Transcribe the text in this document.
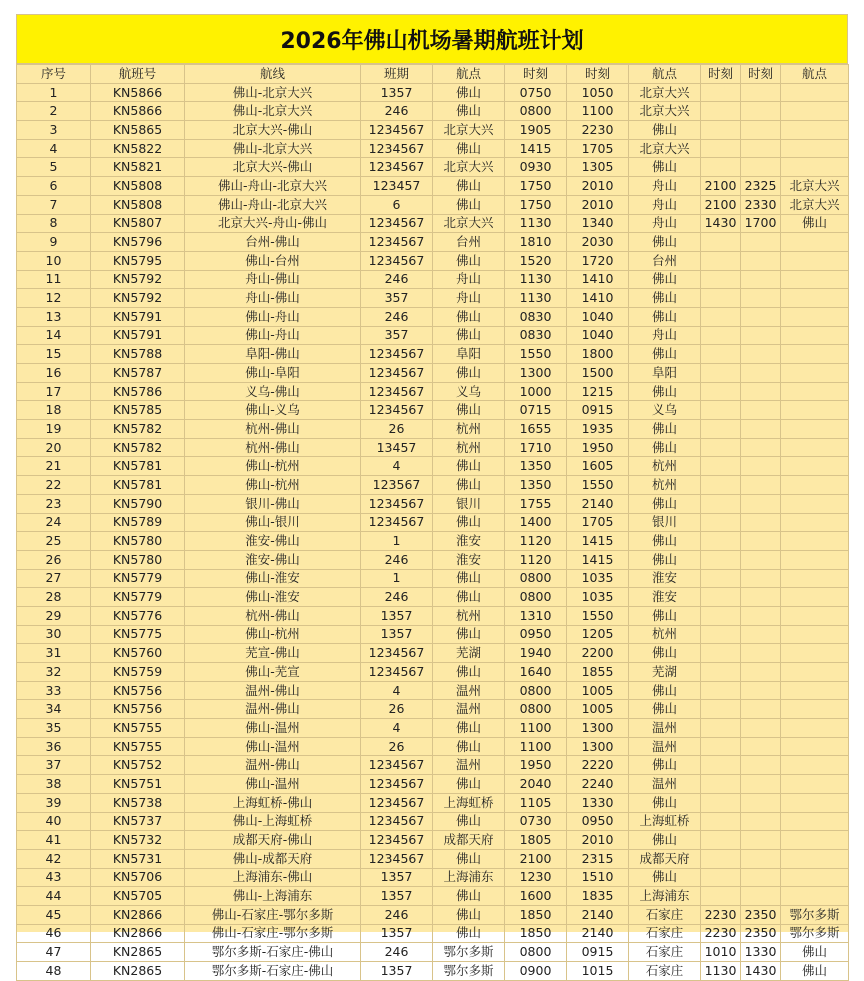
2026年佛山机场暑期航班计划
序号	航班号	航线	班期	航点	时刻	时刻	航点	时刻	时刻	航点
1	KN5866	佛山-北京大兴	1357	佛山	0750	1050	北京大兴			
2	KN5866	佛山-北京大兴	246	佛山	0800	1100	北京大兴			
3	KN5865	北京大兴-佛山	1234567	北京大兴	1905	2230	佛山			
4	KN5822	佛山-北京大兴	1234567	佛山	1415	1705	北京大兴			
5	KN5821	北京大兴-佛山	1234567	北京大兴	0930	1305	佛山			
6	KN5808	佛山-舟山-北京大兴	123457	佛山	1750	2010	舟山	2100	2325	北京大兴
7	KN5808	佛山-舟山-北京大兴	6	佛山	1750	2010	舟山	2100	2330	北京大兴
8	KN5807	北京大兴-舟山-佛山	1234567	北京大兴	1130	1340	舟山	1430	1700	佛山
9	KN5796	台州-佛山	1234567	台州	1810	2030	佛山			
10	KN5795	佛山-台州	1234567	佛山	1520	1720	台州			
11	KN5792	舟山-佛山	246	舟山	1130	1410	佛山			
12	KN5792	舟山-佛山	357	舟山	1130	1410	佛山			
13	KN5791	佛山-舟山	246	佛山	0830	1040	佛山			
14	KN5791	佛山-舟山	357	佛山	0830	1040	舟山			
15	KN5788	阜阳-佛山	1234567	阜阳	1550	1800	佛山			
16	KN5787	佛山-阜阳	1234567	佛山	1300	1500	阜阳			
17	KN5786	义乌-佛山	1234567	义乌	1000	1215	佛山			
18	KN5785	佛山-义乌	1234567	佛山	0715	0915	义乌			
19	KN5782	杭州-佛山	26	杭州	1655	1935	佛山			
20	KN5782	杭州-佛山	13457	杭州	1710	1950	佛山			
21	KN5781	佛山-杭州	4	佛山	1350	1605	杭州			
22	KN5781	佛山-杭州	123567	佛山	1350	1550	杭州			
23	KN5790	银川-佛山	1234567	银川	1755	2140	佛山			
24	KN5789	佛山-银川	1234567	佛山	1400	1705	银川			
25	KN5780	淮安-佛山	1	淮安	1120	1415	佛山			
26	KN5780	淮安-佛山	246	淮安	1120	1415	佛山			
27	KN5779	佛山-淮安	1	佛山	0800	1035	淮安			
28	KN5779	佛山-淮安	246	佛山	0800	1035	淮安			
29	KN5776	杭州-佛山	1357	杭州	1310	1550	佛山			
30	KN5775	佛山-杭州	1357	佛山	0950	1205	杭州			
31	KN5760	芜宣-佛山	1234567	芜湖	1940	2200	佛山			
32	KN5759	佛山-芜宣	1234567	佛山	1640	1855	芜湖			
33	KN5756	温州-佛山	4	温州	0800	1005	佛山			
34	KN5756	温州-佛山	26	温州	0800	1005	佛山			
35	KN5755	佛山-温州	4	佛山	1100	1300	温州			
36	KN5755	佛山-温州	26	佛山	1100	1300	温州			
37	KN5752	温州-佛山	1234567	温州	1950	2220	佛山			
38	KN5751	佛山-温州	1234567	佛山	2040	2240	温州			
39	KN5738	上海虹桥-佛山	1234567	上海虹桥	1105	1330	佛山			
40	KN5737	佛山-上海虹桥	1234567	佛山	0730	0950	上海虹桥			
41	KN5732	成都天府-佛山	1234567	成都天府	1805	2010	佛山			
42	KN5731	佛山-成都天府	1234567	佛山	2100	2315	成都天府			
43	KN5706	上海浦东-佛山	1357	上海浦东	1230	1510	佛山			
44	KN5705	佛山-上海浦东	1357	佛山	1600	1835	上海浦东			
45	KN2866	佛山-石家庄-鄂尔多斯	246	佛山	1850	2140	石家庄	2230	2350	鄂尔多斯
46	KN2866	佛山-石家庄-鄂尔多斯	1357	佛山	1850	2140	石家庄	2230	2350	鄂尔多斯
47	KN2865	鄂尔多斯-石家庄-佛山	246	鄂尔多斯	0800	0915	石家庄	1010	1330	佛山
48	KN2865	鄂尔多斯-石家庄-佛山	1357	鄂尔多斯	0900	1015	石家庄	1130	1430	佛山
